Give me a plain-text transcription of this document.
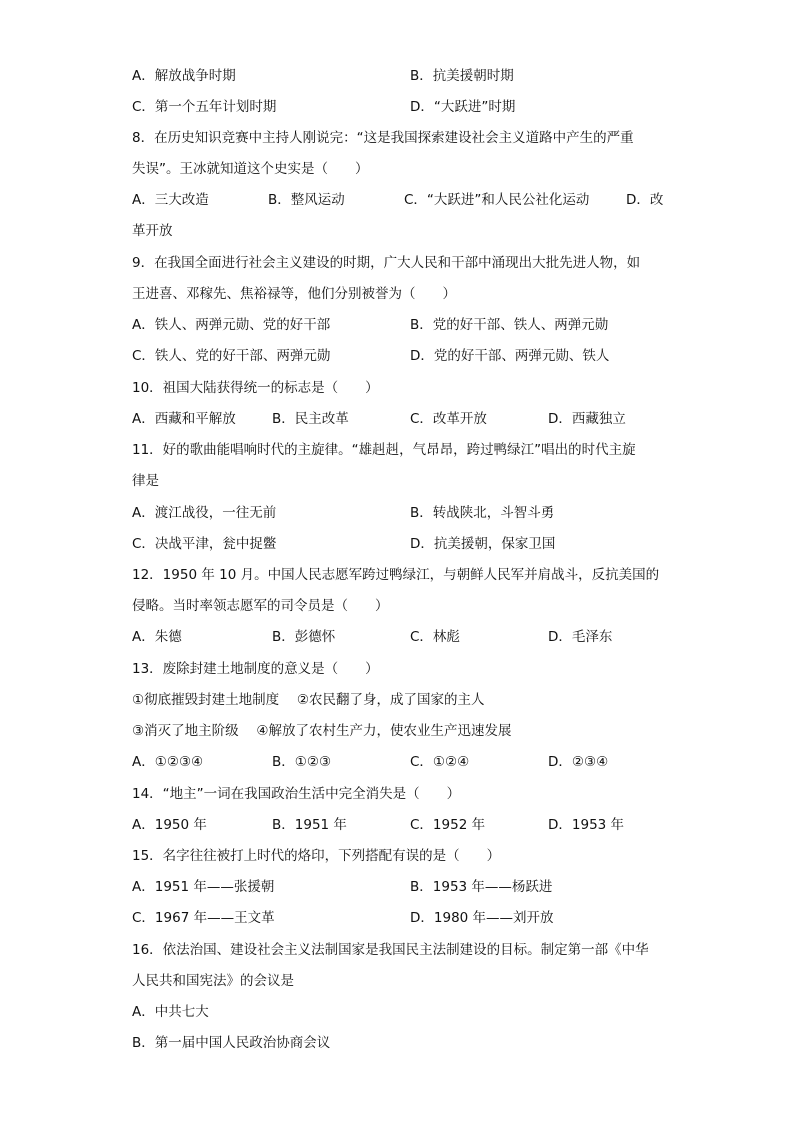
A．解放战争时期	B．抗美援朝时期
C．第一个五年计划时期	D．“大跃进”时期
8．在历史知识竞赛中主持人刚说完：“这是我国探索建设社会主义道路中产生的严重
失误”。王冰就知道这个史实是（　　）
A．三大改造	B．整风运动	C．“大跃进”和人民公社化运动	D．改
革开放
9．在我国全面进行社会主义建设的时期，广大人民和干部中涌现出大批先进人物，如
王进喜、邓稼先、焦裕禄等，他们分别被誉为（　　）
A．铁人、两弹元勋、党的好干部	B．党的好干部、铁人、两弹元勋
C．铁人、党的好干部、两弹元勋	D．党的好干部、两弹元勋、铁人
10．祖国大陆获得统一的标志是（　　）
A．西藏和平解放	B．民主改革	C．改革开放	D．西藏独立
11．好的歌曲能唱响时代的主旋律。“雄赳赳，气昂昂，跨过鸭绿江”唱出的时代主旋
律是
A．渡江战役，一往无前	B．转战陕北，斗智斗勇
C．决战平津，瓮中捉鳖	D．抗美援朝，保家卫国
12．1950 年 10 月。中国人民志愿军跨过鸭绿江，与朝鲜人民军并肩战斗，反抗美国的
侵略。当时率领志愿军的司令员是（　　）
A．朱德	B．彭德怀	C．林彪	D．毛泽东
13．废除封建土地制度的意义是（　　）
①彻底摧毁封建土地制度　 ②农民翻了身，成了国家的主人
③消灭了地主阶级　 ④解放了农村生产力，使农业生产迅速发展
A．①②③④	B．①②③	C．①②④	D．②③④
14．“地主”一词在我国政治生活中完全消失是（　　）
A．1950 年	B．1951 年	C．1952 年	D．1953 年
15．名字往往被打上时代的烙印，下列搭配有误的是（　　）
A．1951 年——张援朝	B．1953 年——杨跃进
C．1967 年——王文革	D．1980 年——刘开放
16．依法治国、建设社会主义法制国家是我国民主法制建设的目标。制定第一部《中华
人民共和国宪法》的会议是
A．中共七大
B．第一届中国人民政治协商会议
